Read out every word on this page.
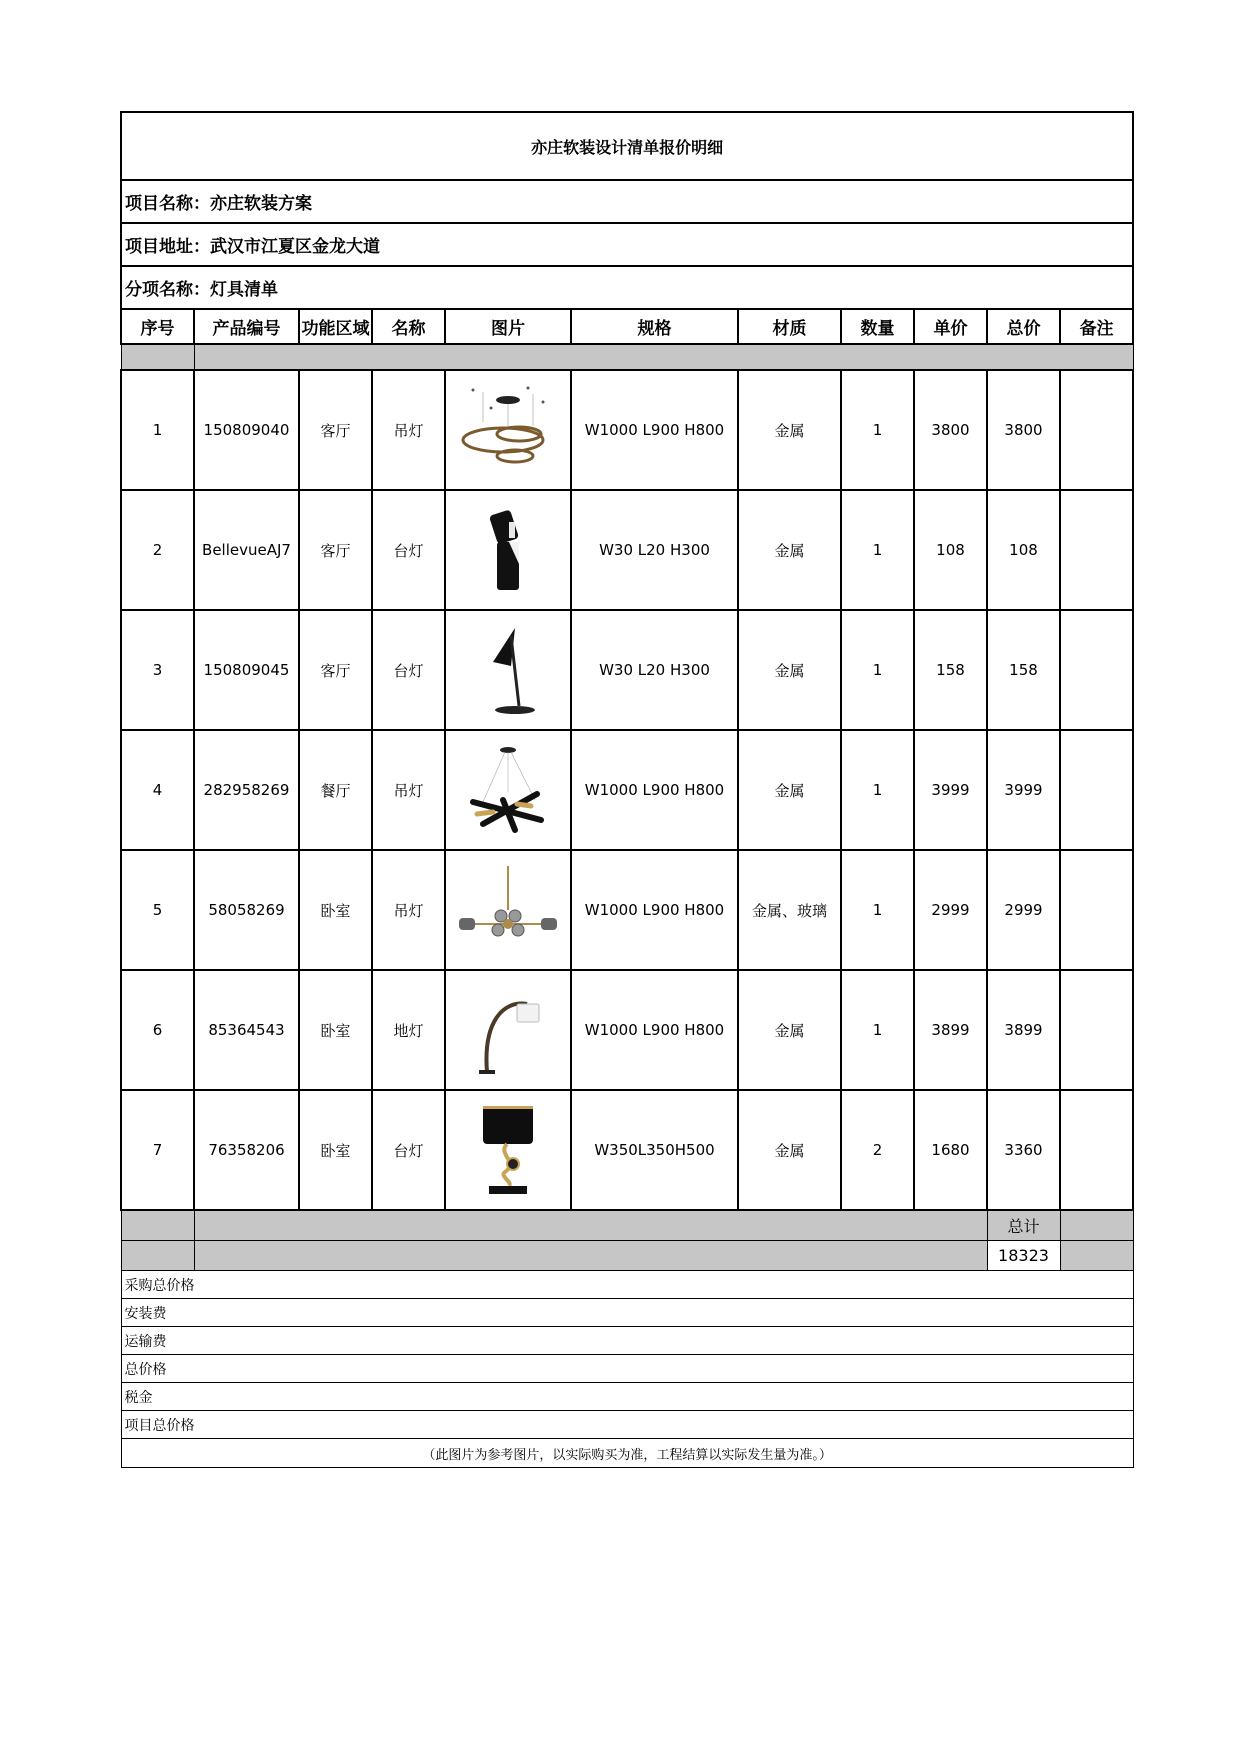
亦庄软装设计清单报价明细										
项目名称：亦庄软装方案										
项目地址：武汉市江夏区金龙大道										
分项名称：灯具清单										
序号	产品编号	功能区域	名称	图片	规格	材质	数量	单价	总价	备注

1	150809040	客厅	吊灯		W1000 L900 H800	金属	1	3800	3800	
2	BellevueAJ7	客厅	台灯		W30 L20 H300	金属	1	108	108	
3	150809045	客厅	台灯		W30 L20 H300	金属	1	158	158	
4	282958269	餐厅	吊灯		W1000 L900 H800	金属	1	3999	3999	
5	58058269	卧室	吊灯		W1000 L900 H800	金属、玻璃	1	2999	2999	
6	85364543	卧室	地灯		W1000 L900 H800	金属	1	3899	3899	
7	76358206	卧室	台灯		W350L350H500	金属	2	1680	3360	
									总计	
									18323	
采购总价格										
安装费										
运输费										
总价格										
税金										
项目总价格										
（此图片为参考图片，以实际购买为准，工程结算以实际发生量为准。）										
